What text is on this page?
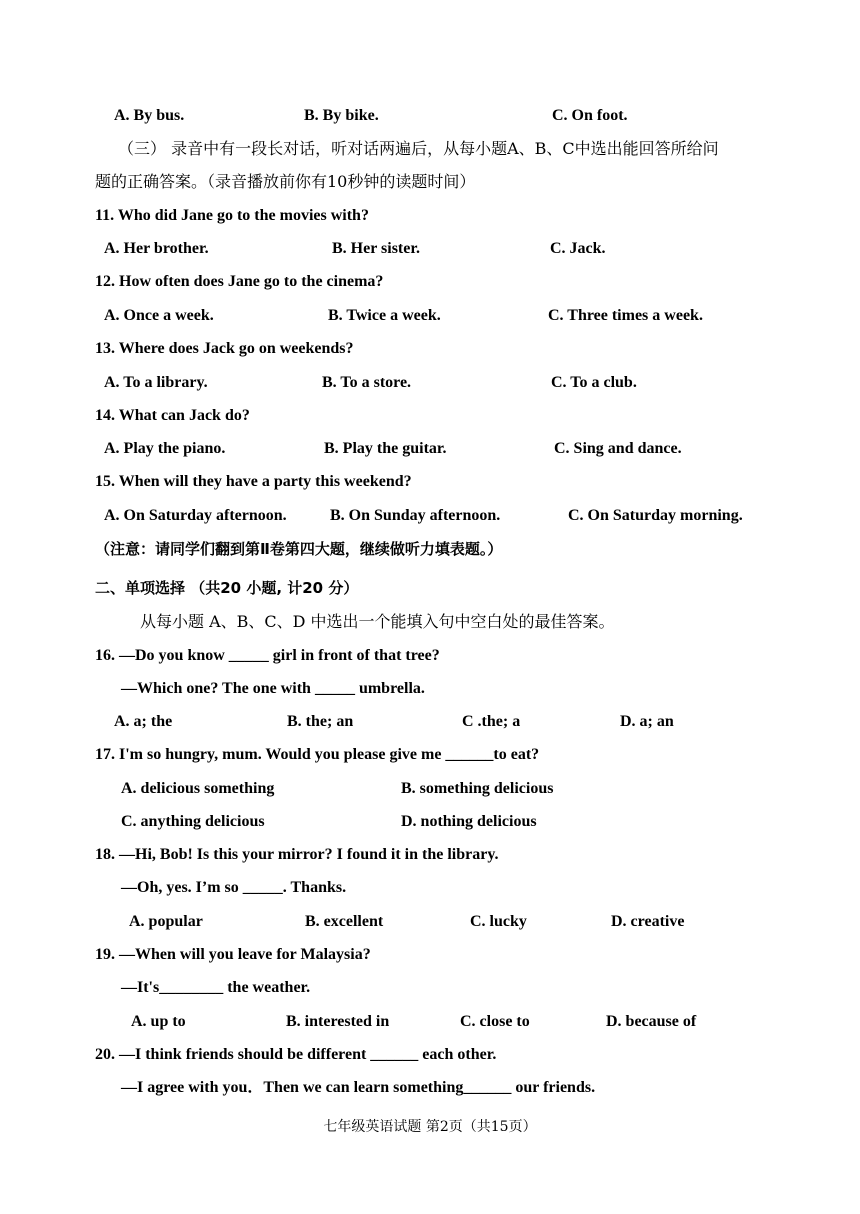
A. By bus.	B. By bike.	C. On foot.
（三） 录音中有一段长对话，听对话两遍后，从每小题A、B、C中选出能回答所给问
题的正确答案。（录音播放前你有10秒钟的读题时间）
11. Who did Jane go to the movies with?
A. Her brother.	B. Her sister.	C. Jack.
12. How often does Jane go to the cinema?
A. Once a week.	B. Twice a week.	C. Three times a week.
13. Where does Jack go on weekends?
A. To a library.	B. To a store.	C. To a club.
14. What can Jack do?
A. Play the piano.	B. Play the guitar.	C. Sing and dance.
15. When will they have a party this weekend?
A. On Saturday afternoon.	B. On Sunday afternoon.	C. On Saturday morning.
（注意：请同学们翻到第Ⅱ卷第四大题，继续做听力填表题。）
二、单项选择 （共20 小题, 计20 分）
从每小题 A、B、C、D 中选出一个能填入句中空白处的最佳答案。
16. —Do you know _____ girl in front of that tree?
—Which one? The one with _____ umbrella.
A. a; the	B. the; an	C .the; a	D. a; an
17. I'm so hungry, mum. Would you please give me ______to eat?
A. delicious something	B. something delicious
C. anything delicious	D. nothing delicious
18. —Hi, Bob! Is this your mirror? I found it in the library.
—Oh, yes. I’m so _____. Thanks.
A. popular	B. excellent	C. lucky	D. creative
19. —When will you leave for Malaysia?
—It's________ the weather.
A. up to	B. interested in	C. close to	D. because of
20. —I think friends should be different ______ each other.
—I agree with you．Then we can learn something______ our friends.
七年级英语试题 第2页（共15页）
